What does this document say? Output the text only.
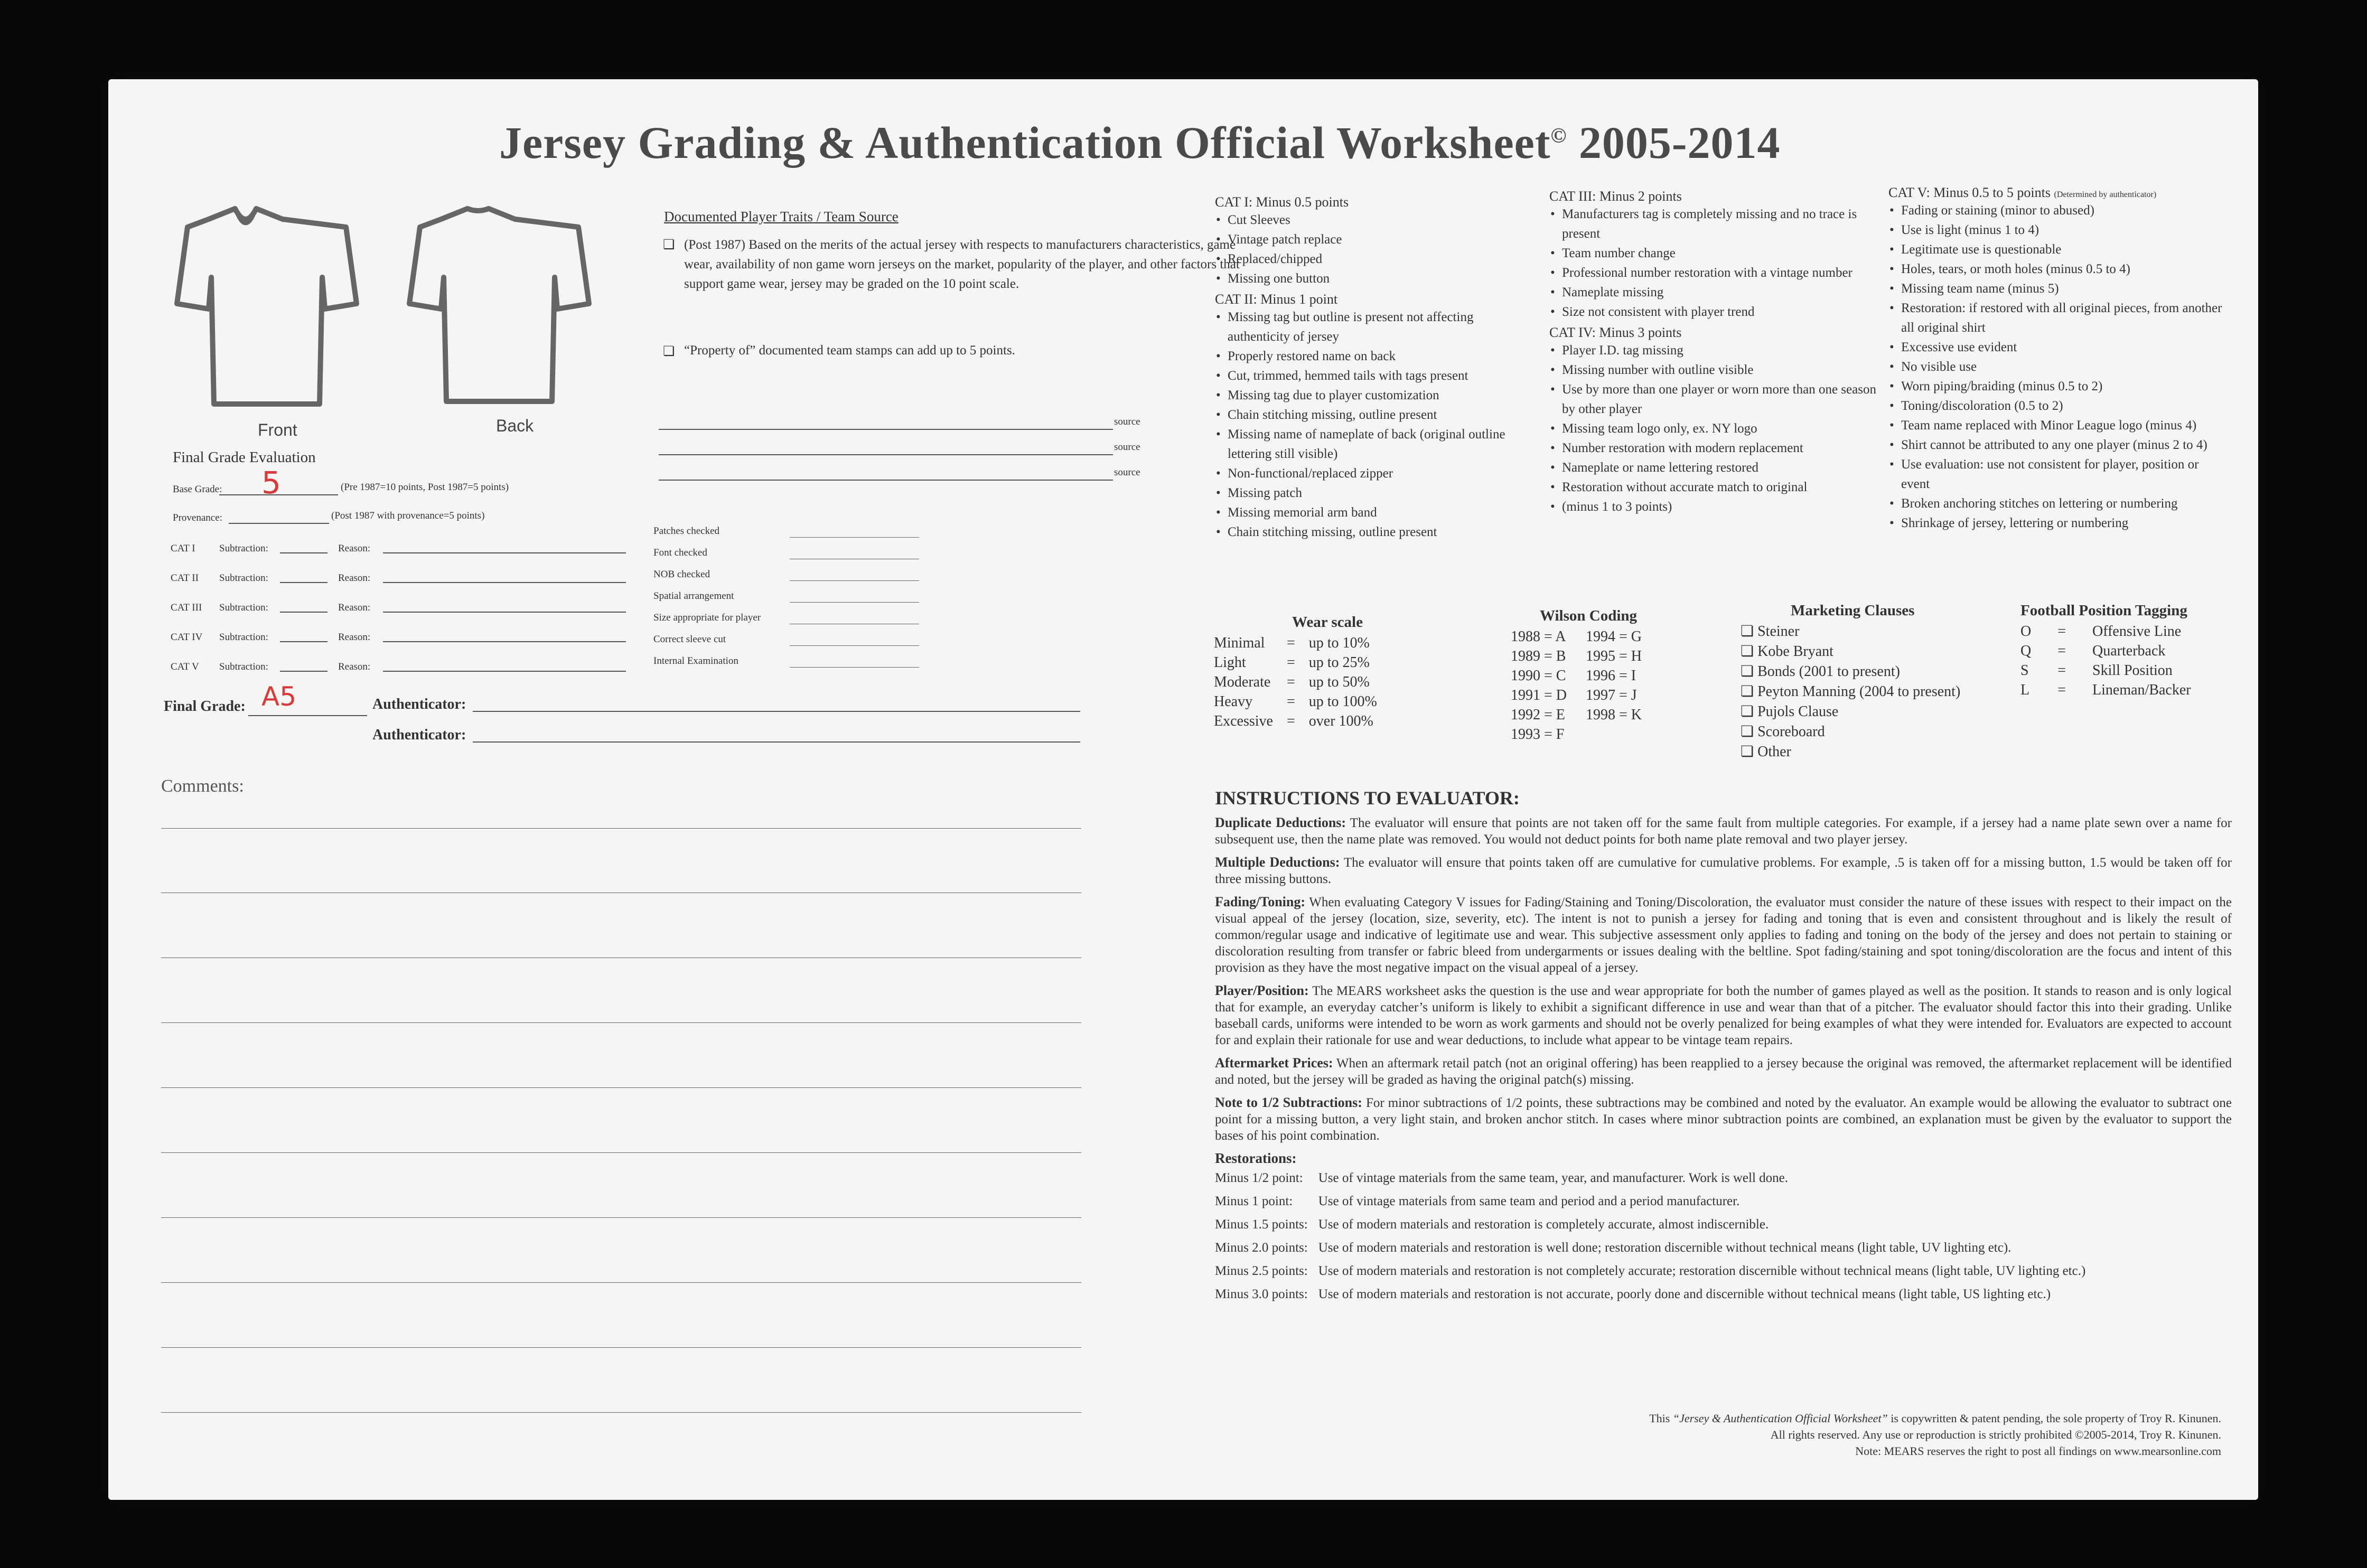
Jersey Grading & Authentication Official Worksheet© 2005-2014
Front	Back
Documented Player Traits / Team Source
❏ (Post 1987) Based on the merits of the actual jersey with respects to manufacturers characteristics, game wear, availability of non game worn jerseys on the market, popularity of the player, and other factors that support game wear, jersey may be graded on the 10 point scale.
❏ “Property of” documented team stamps can add up to 5 points.
source
source
source
Final Grade Evaluation
Base Grade: 5	(Pre 1987=10 points, Post 1987=5 points)
Provenance:	(Post 1987 with provenance=5 points)
CAT I Subtraction:	Reason:
CAT II Subtraction:	Reason:
CAT III Subtraction:	Reason:
CAT IV Subtraction:	Reason:
CAT V Subtraction:	Reason:
Patches checked
Font checked
NOB checked
Spatial arrangement
Size appropriate for player
Correct sleeve cut
Internal Examination
Final Grade: A5	Authenticator:
Authenticator:
Comments:
CAT I: Minus 0.5 points
• Cut Sleeves
• Vintage patch replace
• Replaced/chipped
• Missing one button
CAT II: Minus 1 point
• Missing tag but outline is present not affecting authenticity of jersey
• Properly restored name on back
• Cut, trimmed, hemmed tails with tags present
• Missing tag due to player customization
• Chain stitching missing, outline present
• Missing name of nameplate of back (original outline lettering still visible)
• Non-functional/replaced zipper
• Missing patch
• Missing memorial arm band
• Chain stitching missing, outline present
CAT III: Minus 2 points
• Manufacturers tag is completely missing and no trace is present
• Team number change
• Professional number restoration with a vintage number
• Nameplate missing
• Size not consistent with player trend
CAT IV: Minus 3 points
• Player I.D. tag missing
• Missing number with outline visible
• Use by more than one player or worn more than one season by other player
• Missing team logo only, ex. NY logo
• Number restoration with modern replacement
• Nameplate or name lettering restored
• Restoration without accurate match to original
• (minus 1 to 3 points)
CAT V: Minus 0.5 to 5 points (Determined by authenticator)
• Fading or staining (minor to abused)
• Use is light (minus 1 to 4)
• Legitimate use is questionable
• Holes, tears, or moth holes (minus 0.5 to 4)
• Missing team name (minus 5)
• Restoration: if restored with all original pieces, from another all original shirt
• Excessive use evident
• No visible use
• Worn piping/braiding (minus 0.5 to 2)
• Toning/discoloration (0.5 to 2)
• Team name replaced with Minor League logo (minus 4)
• Shirt cannot be attributed to any one player (minus 2 to 4)
• Use evaluation: use not consistent for player, position or event
• Broken anchoring stitches on lettering or numbering
• Shrinkage of jersey, lettering or numbering
Wear scale
Minimal	=	up to 10%
Light	=	up to 25%
Moderate	=	up to 50%
Heavy	=	up to 100%
Excessive	=	over 100%
Wilson Coding
1988 = A	1994 = G
1989 = B	1995 = H
1990 = C	1996 = I
1991 = D	1997 = J
1992 = E	1998 = K
1993 = F	
Marketing Clauses
❏ Steiner
❏ Kobe Bryant
❏ Bonds (2001 to present)
❏ Peyton Manning (2004 to present)
❏ Pujols Clause
❏ Scoreboard
❏ Other
Football Position Tagging
O	=	Offensive Line
Q	=	Quarterback
S	=	Skill Position
L	=	Lineman/Backer
INSTRUCTIONS TO EVALUATOR:
Duplicate Deductions: The evaluator will ensure that points are not taken off for the same fault from multiple categories. For example, if a jersey had a name plate sewn over a name for subsequent use, then the name plate was removed. You would not deduct points for both name plate removal and two player jersey.
Multiple Deductions: The evaluator will ensure that points taken off are cumulative for cumulative problems. For example, .5 is taken off for a missing button, 1.5 would be taken off for three missing buttons.
Fading/Toning: When evaluating Category V issues for Fading/Staining and Toning/Discoloration, the evaluator must consider the nature of these issues with respect to their impact on the visual appeal of the jersey (location, size, severity, etc). The intent is not to punish a jersey for fading and toning that is even and consistent throughout and is likely the result of common/regular usage and indicative of legitimate use and wear. This subjective assessment only applies to fading and toning on the body of the jersey and does not pertain to staining or discoloration resulting from transfer or fabric bleed from undergarments or issues dealing with the beltline. Spot fading/staining and spot toning/discoloration are the focus and intent of this provision as they have the most negative impact on the visual appeal of a jersey.
Player/Position: The MEARS worksheet asks the question is the use and wear appropriate for both the number of games played as well as the position. It stands to reason and is only logical that for example, an everyday catcher’s uniform is likely to exhibit a significant difference in use and wear than that of a pitcher. The evaluator should factor this into their grading. Unlike baseball cards, uniforms were intended to be worn as work garments and should not be overly penalized for being examples of what they were intended for. Evaluators are expected to account for and explain their rationale for use and wear deductions, to include what appear to be vintage team repairs.
Aftermarket Prices: When an aftermark retail patch (not an original offering) has been reapplied to a jersey because the original was removed, the aftermarket replacement will be identified and noted, but the jersey will be graded as having the original patch(s) missing.
Note to 1/2 Subtractions: For minor subtractions of 1/2 points, these subtractions may be combined and noted by the evaluator. An example would be allowing the evaluator to subtract one point for a missing button, a very light stain, and broken anchor stitch. In cases where minor subtraction points are combined, an explanation must be given by the evaluator to support the bases of his point combination.
Restorations:
Minus 1/2 point:	Use of vintage materials from the same team, year, and manufacturer. Work is well done.
Minus 1 point:	Use of vintage materials from same team and period and a period manufacturer.
Minus 1.5 points:	Use of modern materials and restoration is completely accurate, almost indiscernible.
Minus 2.0 points:	Use of modern materials and restoration is well done; restoration discernible without technical means (light table, UV lighting etc).
Minus 2.5 points:	Use of modern materials and restoration is not completely accurate; restoration discernible without technical means (light table, UV lighting etc.)
Minus 3.0 points:	Use of modern materials and restoration is not accurate, poorly done and discernible without technical means (light table, US lighting etc.)
This “Jersey & Authentication Official Worksheet” is copywritten & patent pending, the sole property of Troy R. Kinunen.
All rights reserved. Any use or reproduction is strictly prohibited ©2005-2014, Troy R. Kinunen.
Note: MEARS reserves the right to post all findings on www.mearsonline.com
